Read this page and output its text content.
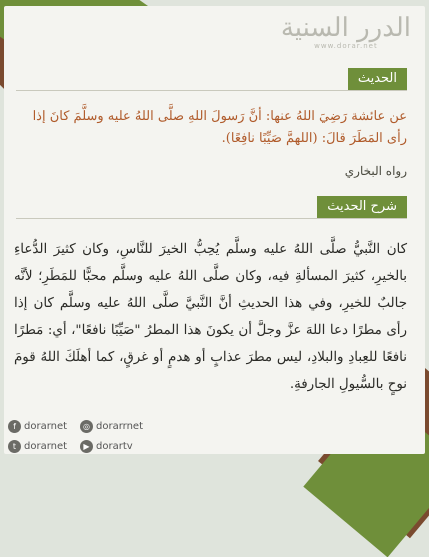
الدرر السنية
www.dorar.net
الحديث
عن عائشة رَضِيَ اللهُ عنها: أنَّ رَسولَ اللهِ صلَّى اللهُ عليه وسلَّمَ كانَ إذا رأى المَطَرَ قالَ: (اللهمَّ صَيِّبًا نافِعًا).
رواه البخاري
شرح الحديث
كان النَّبيُّ صلَّى اللهُ عليه وسلَّم يُحِبُّ الخيرَ للنَّاسِ، وكان كثيرَ الدُّعاءِ بالخيرِ، كثيرَ المسألةِ فيه، وكان صلَّى اللهُ عليه وسلَّم محبًّا للمَطَرِ؛ لأنَّه جالبٌ للخيرِ، وفي هذا الحديثِ أنَّ النَّبيَّ صلَّى اللهُ عليه وسلَّم كان إذا رأى مطرًا دعا اللهَ عزَّ وجلَّ أن يكونَ هذا المطرُ "صَيِّبًا نافعًا"، أي: مَطرًا نافعًا للعِبادِ والبلادِ، ليس مطرَ عذابٍ أو هدمٍ أو غرقٍ، كما أهلَكَ اللهُ قومَ نوحٍ بالسُّيولِ الجارفةِ.
f dorarnet	◎ dorarrnet
t dorarnet	▶ dorartv
